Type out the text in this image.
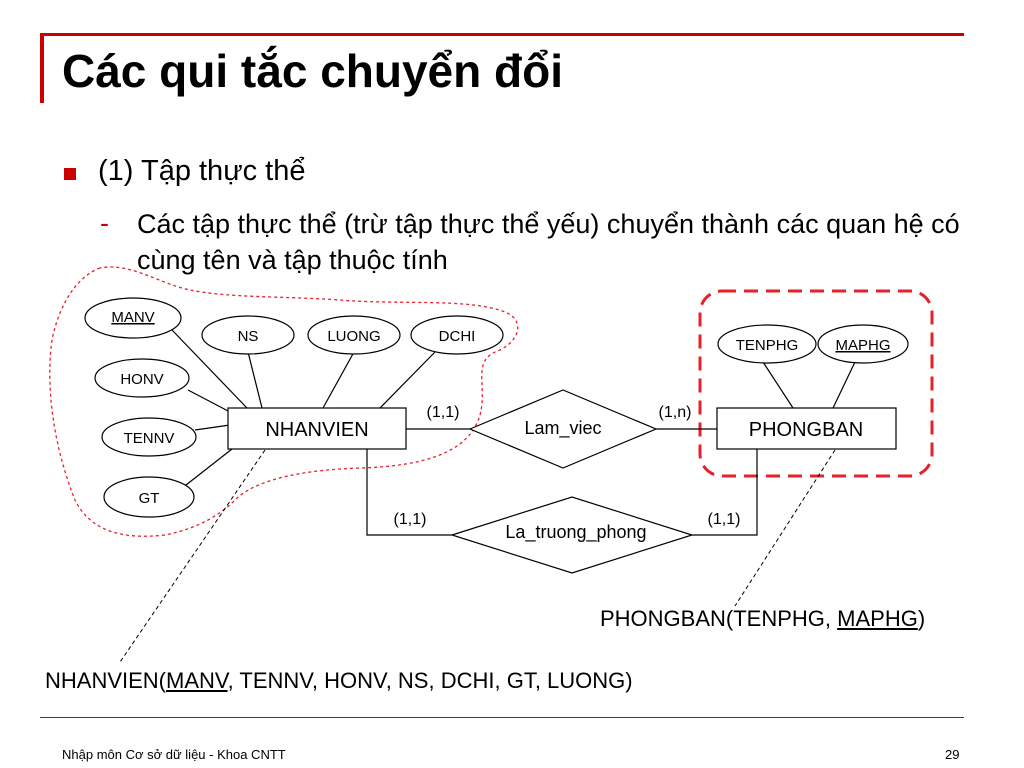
Các qui tắc chuyển đổi
(1) Tập thực thể
- Các tập thực thể (trừ tập thực thể yếu) chuyển thành các quan hệ có cùng tên và tập thuộc tính
MANV
NS	LUONG	DCHI
HONV
TENNV
GT
TENPHG MAPHG
NHANVIEN	PHONGBAN
Lam_viec
La_truong_phong
(1,1)	(1,n)
(1,1)	(1,1)
PHONGBAN(TENPHG, MAPHG)
NHANVIEN(MANV, TENNV, HONV, NS, DCHI, GT, LUONG)
Nhập môn Cơ sở dữ liệu - Khoa CNTT	29
